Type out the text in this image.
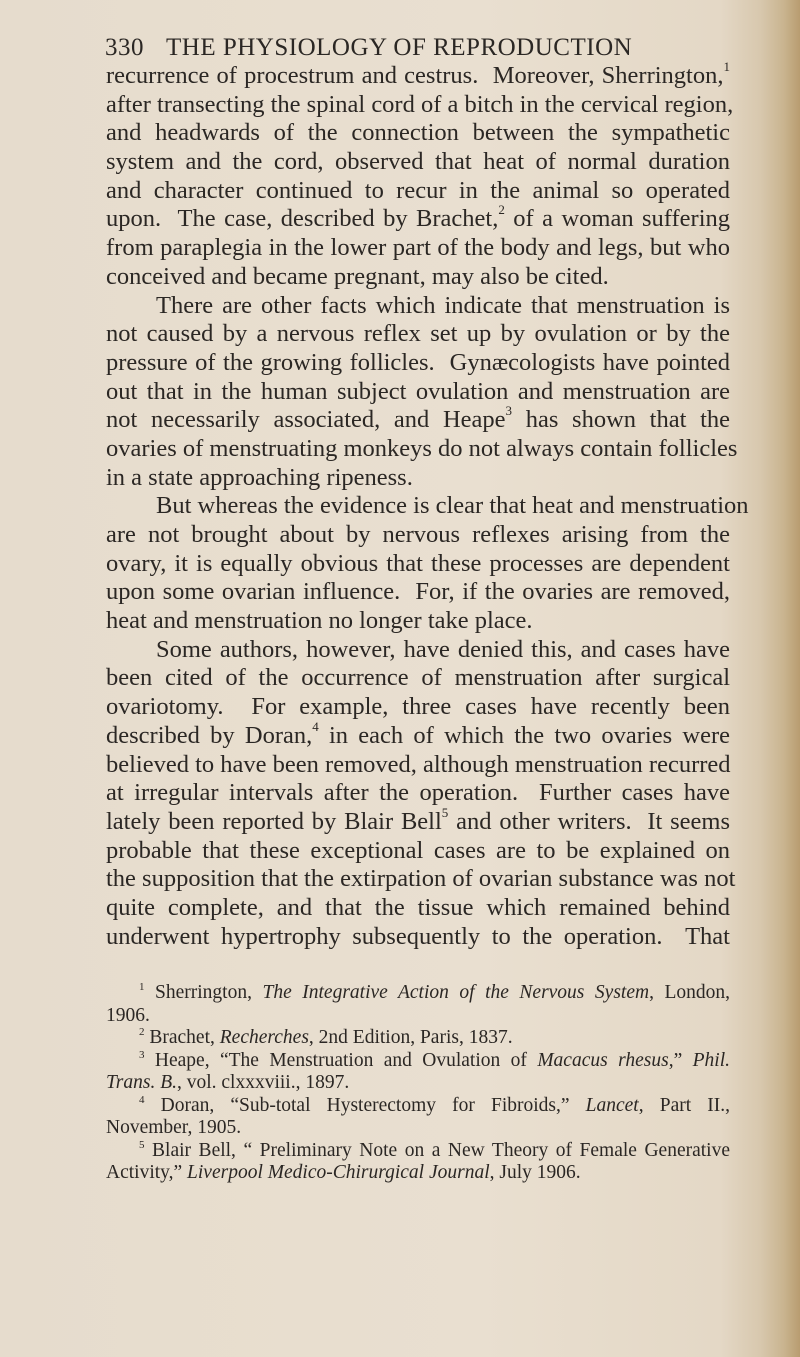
330 THE PHYSIOLOGY OF REPRODUCTION
recurrence of procestrum and cestrus.  Moreover, Sherrington,$^1$
after transecting the spinal cord of a bitch in the cervical region,
and headwards of the connection between the sympathetic
system and the cord, observed that heat of normal duration
and character continued to recur in the animal so operated
upon.  The case, described by Brachet,$^2$ of a woman suffering
from paraplegia in the lower part of the body and legs, but who
conceived and became pregnant, may also be cited.
There are other facts which indicate that menstruation is
not caused by a nervous reflex set up by ovulation or by the
pressure of the growing follicles.  Gynæcologists have pointed
out that in the human subject ovulation and menstruation are
not necessarily associated, and Heape$^3$ has shown that the
ovaries of menstruating monkeys do not always contain follicles
in a state approaching ripeness.
But whereas the evidence is clear that heat and menstruation
are not brought about by nervous reflexes arising from the
ovary, it is equally obvious that these processes are dependent
upon some ovarian influence.  For, if the ovaries are removed,
heat and menstruation no longer take place.
Some authors, however, have denied this, and cases have
been cited of the occurrence of menstruation after surgical
ovariotomy.  For example, three cases have recently been
described by Doran,$^4$ in each of which the two ovaries were
believed to have been removed, although menstruation recurred
at irregular intervals after the operation.  Further cases have
lately been reported by Blair Bell$^5$ and other writers.  It seems
probable that these exceptional cases are to be explained on
the supposition that the extirpation of ovarian substance was not
quite complete, and that the tissue which remained behind
underwent hypertrophy subsequently to the operation.  That
$^1$ Sherrington, The Integrative Action of the Nervous System, London,
1906.
$^2$ Brachet, Recherches, 2nd Edition, Paris, 1837.
$^3$ Heape, “The Menstruation and Ovulation of Macacus rhesus,” Phil.
Trans. B., vol. clxxxviii., 1897.
$^4$ Doran, “Sub-total Hysterectomy for Fibroids,” Lancet, Part II.,
November, 1905.
$^5$ Blair Bell, “ Preliminary Note on a New Theory of Female Generative
Activity,” Liverpool Medico-Chirurgical Journal, July 1906.
